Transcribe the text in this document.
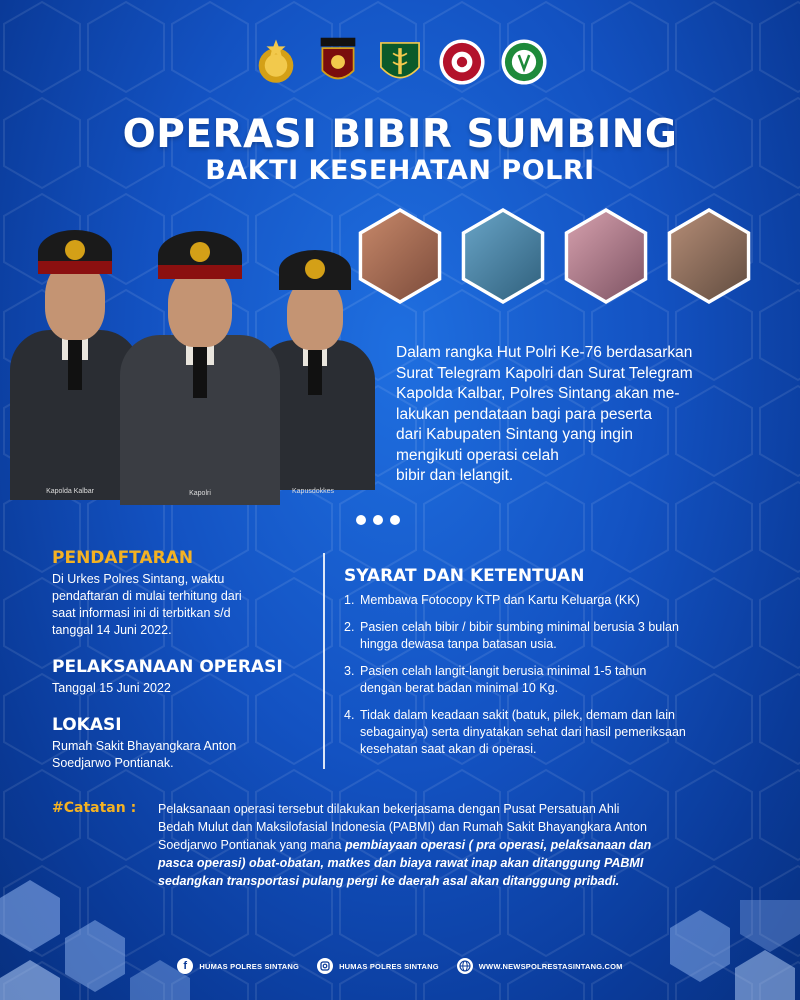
OPERASI BIBIR SUMBING
BAKTI KESEHATAN POLRI
Kapolda Kalbar	Kapusdokkes
Kapolri
Dalam rangka Hut Polri Ke-76 berdasarkan
Surat Telegram Kapolri dan Surat Telegram
Kapolda Kalbar, Polres Sintang akan me-
lakukan pendataan bagi para peserta
dari Kabupaten Sintang yang ingin
mengikuti operasi celah
bibir dan lelangit.
PENDAFTARAN
Di Urkes Polres Sintang, waktu
pendaftaran di mulai terhitung dari
saat informasi ini di terbitkan s/d
tanggal 14 Juni 2022.
PELAKSANAAN OPERASI
Tanggal 15 Juni 2022
LOKASI
Rumah Sakit Bhayangkara Anton
Soedjarwo Pontianak.
SYARAT DAN KETENTUAN
1. Membawa Fotocopy KTP dan Kartu Keluarga (KK)
2. Pasien celah bibir / bibir sumbing minimal berusia 3 bulan
hingga dewasa tanpa batasan usia.
3. Pasien celah langit-langit berusia minimal 1-5 tahun
dengan berat badan minimal 10 Kg.
4. Tidak dalam keadaan sakit (batuk, pilek, demam dan lain
sebagainya) serta dinyatakan sehat dari hasil pemeriksaan
kesehatan saat akan di operasi.
#Catatan :	Pelaksanaan operasi tersebut dilakukan bekerjasama dengan Pusat Persatuan Ahli
Bedah Mulut dan Maksilofasial Indonesia (PABMI) dan Rumah Sakit Bhayangkara Anton
Soedjarwo Pontianak yang mana pembiayaan operasi ( pra operasi, pelaksanaan dan
pasca operasi) obat-obatan, matkes dan biaya rawat inap akan ditanggung PABMI
sedangkan transportasi pulang pergi ke daerah asal akan ditanggung pribadi.
f	HUMAS POLRES SINTANG	HUMAS POLRES SINTANG	WWW.NEWSPOLRESTASINTANG.COM
